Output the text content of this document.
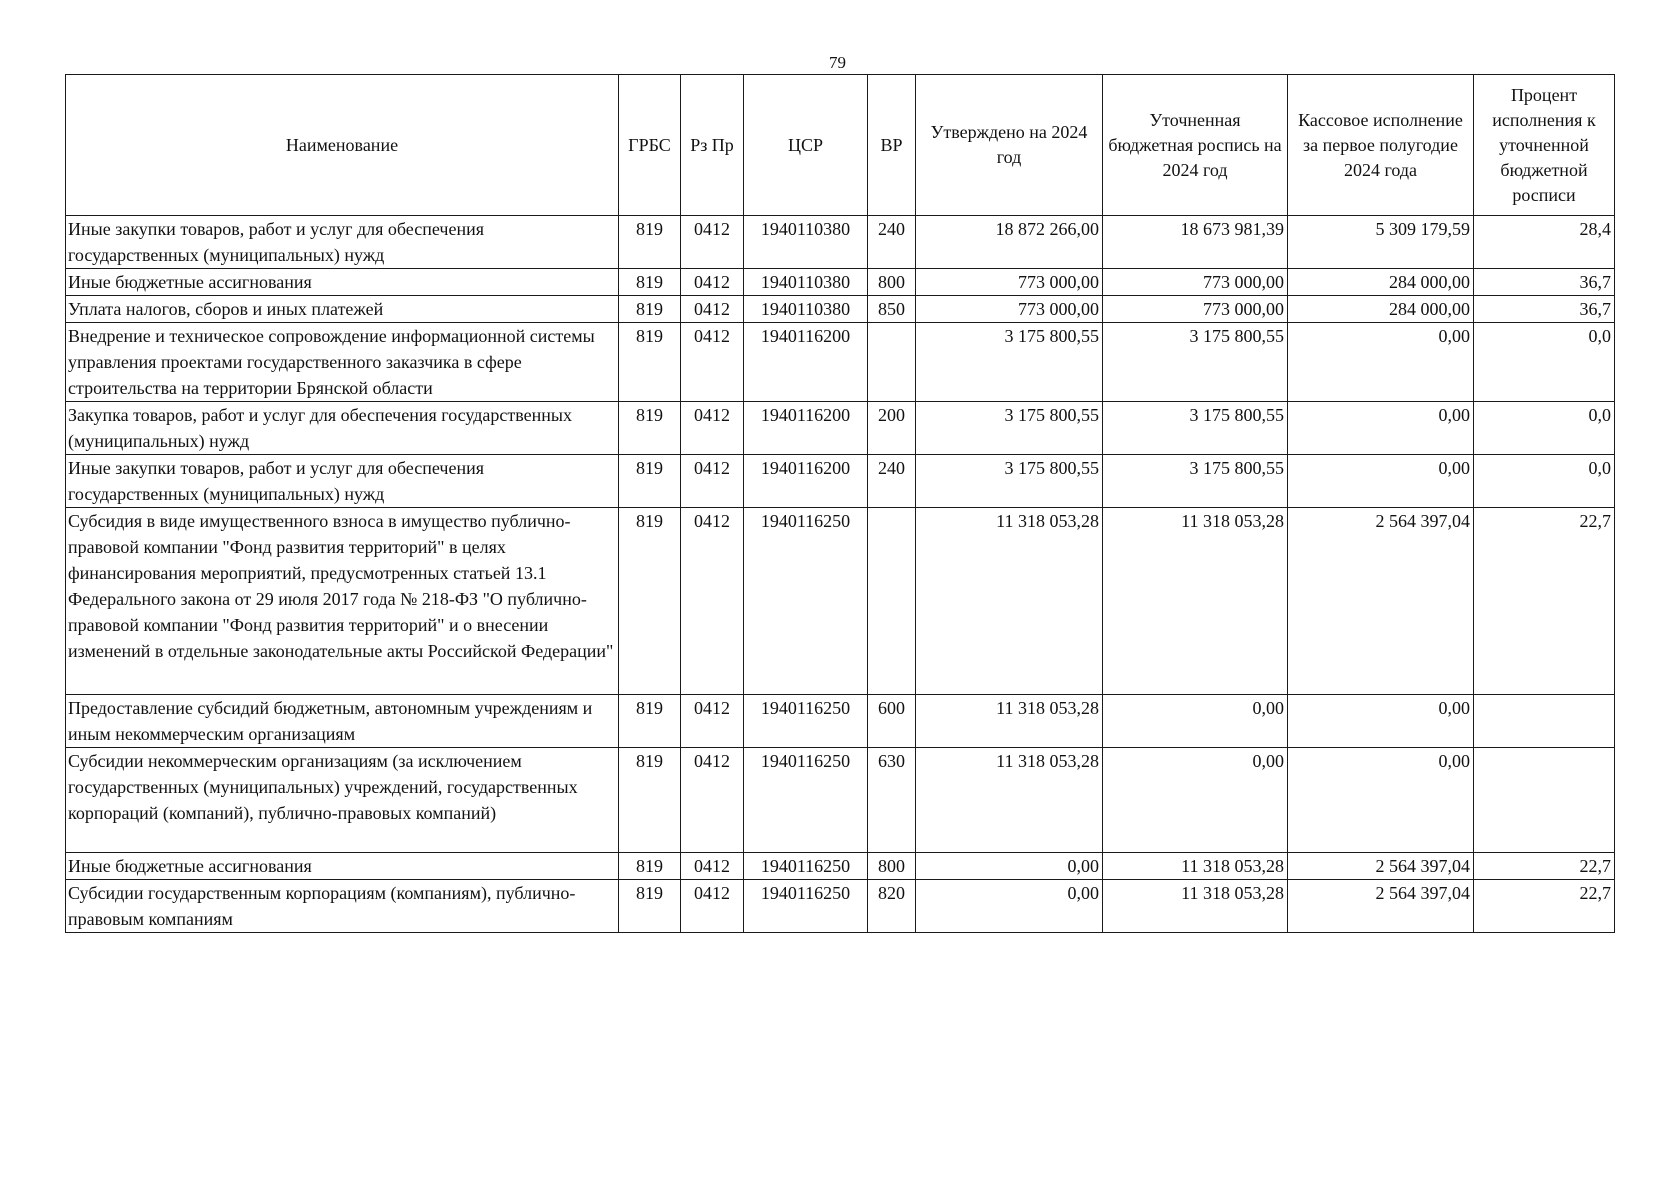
79
Наименование	ГРБС	Рз Пр	ЦСР	ВР	Утверждено на 2024 год	Уточненная бюджетная роспись на 2024 год	Кассовое исполнение за первое полугодие 2024 года	Процент исполнения к уточненной бюджетной росписи
Иные закупки товаров, работ и услуг для обеспечения государственных (муниципальных) нужд	819	0412	1940110380	240	18 872 266,00	18 673 981,39	5 309 179,59	28,4
Иные бюджетные ассигнования	819	0412	1940110380	800	773 000,00	773 000,00	284 000,00	36,7
Уплата налогов, сборов и иных платежей	819	0412	1940110380	850	773 000,00	773 000,00	284 000,00	36,7
Внедрение и техническое сопровождение информационной системы управления проектами государственного заказчика в сфере строительства на территории Брянской области	819	0412	1940116200		3 175 800,55	3 175 800,55	0,00	0,0
Закупка товаров, работ и услуг для обеспечения государственных (муниципальных) нужд	819	0412	1940116200	200	3 175 800,55	3 175 800,55	0,00	0,0
Иные закупки товаров, работ и услуг для обеспечения государственных (муниципальных) нужд	819	0412	1940116200	240	3 175 800,55	3 175 800,55	0,00	0,0
Субсидия в виде имущественного взноса в имущество публично-правовой компании "Фонд развития территорий" в целях финансирования мероприятий, предусмотренных статьей 13.1 Федерального закона от 29 июля 2017 года № 218-ФЗ "О публично-правовой компании "Фонд развития территорий" и о внесении изменений в отдельные законодательные акты Российской Федерации"	819	0412	1940116250		11 318 053,28	11 318 053,28	2 564 397,04	22,7
Предоставление субсидий бюджетным, автономным учреждениям и иным некоммерческим организациям	819	0412	1940116250	600	11 318 053,28	0,00	0,00	
Субсидии некоммерческим организациям (за исключением государственных (муниципальных) учреждений, государственных корпораций (компаний), публично-правовых компаний)	819	0412	1940116250	630	11 318 053,28	0,00	0,00	
Иные бюджетные ассигнования	819	0412	1940116250	800	0,00	11 318 053,28	2 564 397,04	22,7
Субсидии государственным корпорациям (компаниям), публично-правовым компаниям	819	0412	1940116250	820	0,00	11 318 053,28	2 564 397,04	22,7
